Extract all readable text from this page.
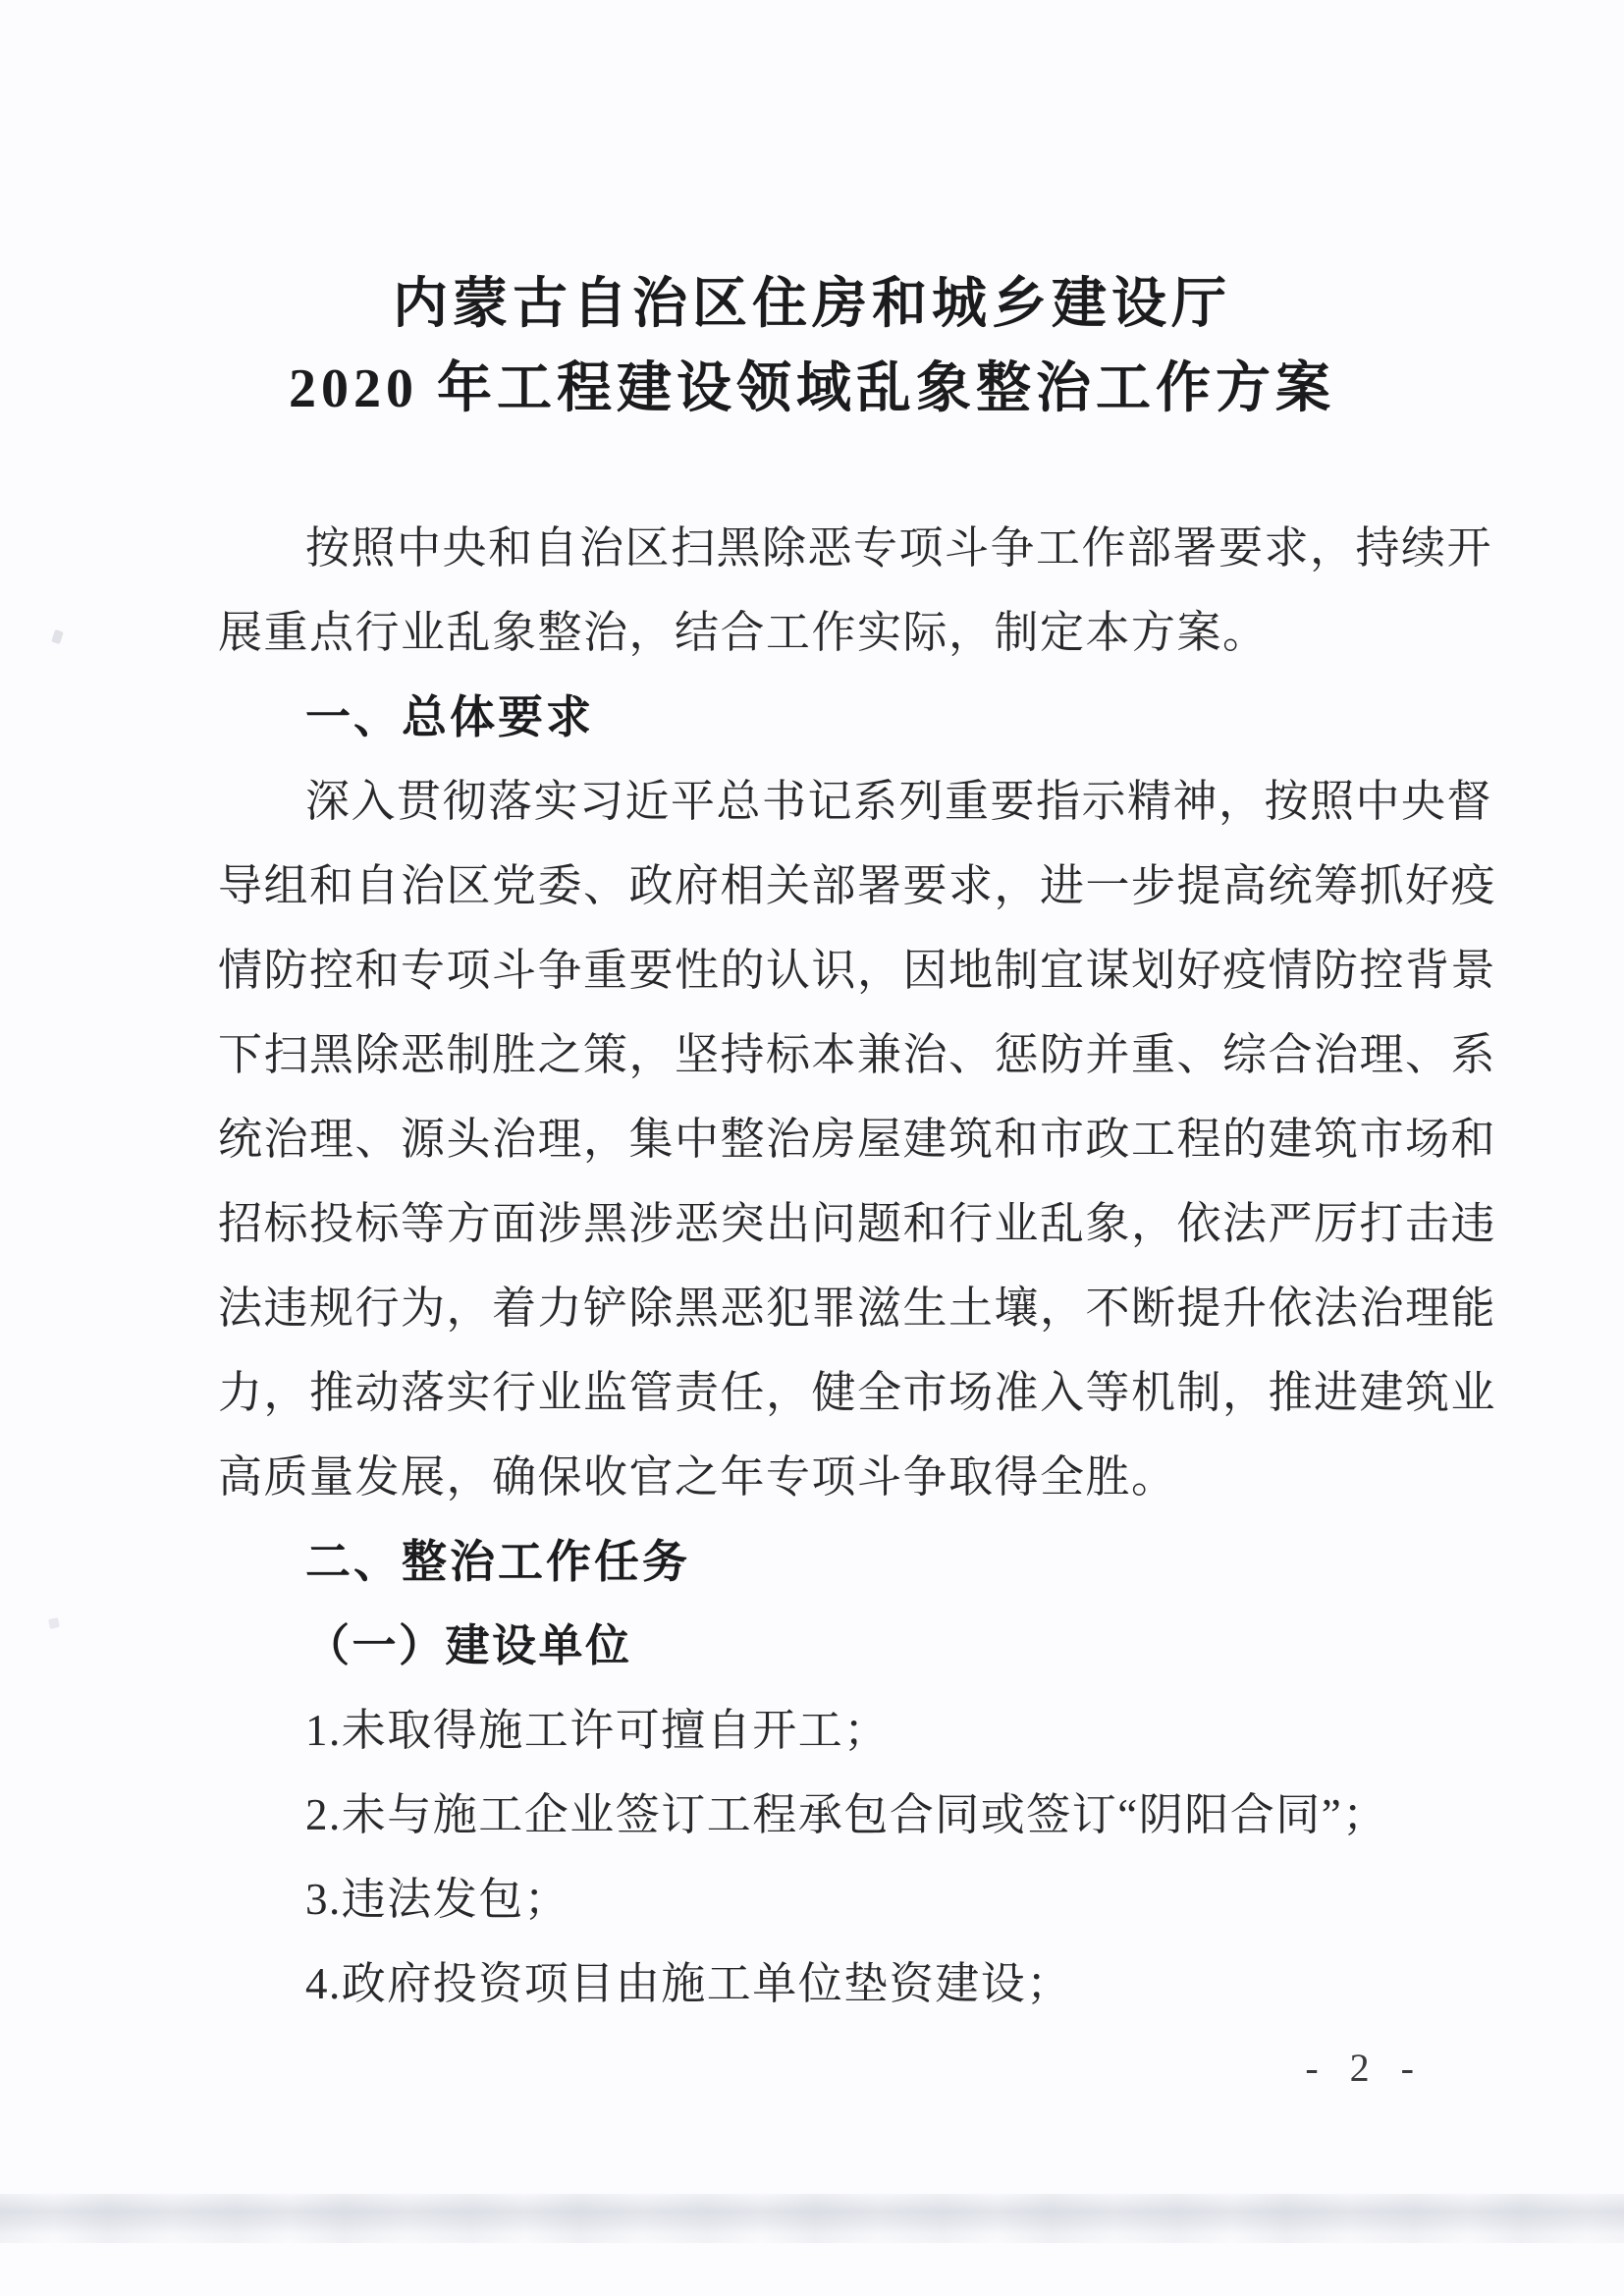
内蒙古自治区住房和城乡建设厅
2020 年工程建设领域乱象整治工作方案
按照中央和自治区扫黑除恶专项斗争工作部署要求，持续开
展重点行业乱象整治，结合工作实际，制定本方案。
一、总体要求
深入贯彻落实习近平总书记系列重要指示精神，按照中央督
导组和自治区党委、政府相关部署要求，进一步提高统筹抓好疫
情防控和专项斗争重要性的认识，因地制宜谋划好疫情防控背景
下扫黑除恶制胜之策，坚持标本兼治、惩防并重、综合治理、系
统治理、源头治理，集中整治房屋建筑和市政工程的建筑市场和
招标投标等方面涉黑涉恶突出问题和行业乱象，依法严厉打击违
法违规行为，着力铲除黑恶犯罪滋生土壤，不断提升依法治理能
力，推动落实行业监管责任，健全市场准入等机制，推进建筑业
高质量发展，确保收官之年专项斗争取得全胜。
二、整治工作任务
（一）建设单位
1.未取得施工许可擅自开工；
2.未与施工企业签订工程承包合同或签订“阴阳合同”；
3.违法发包；
4.政府投资项目由施工单位垫资建设；
- 2 -
